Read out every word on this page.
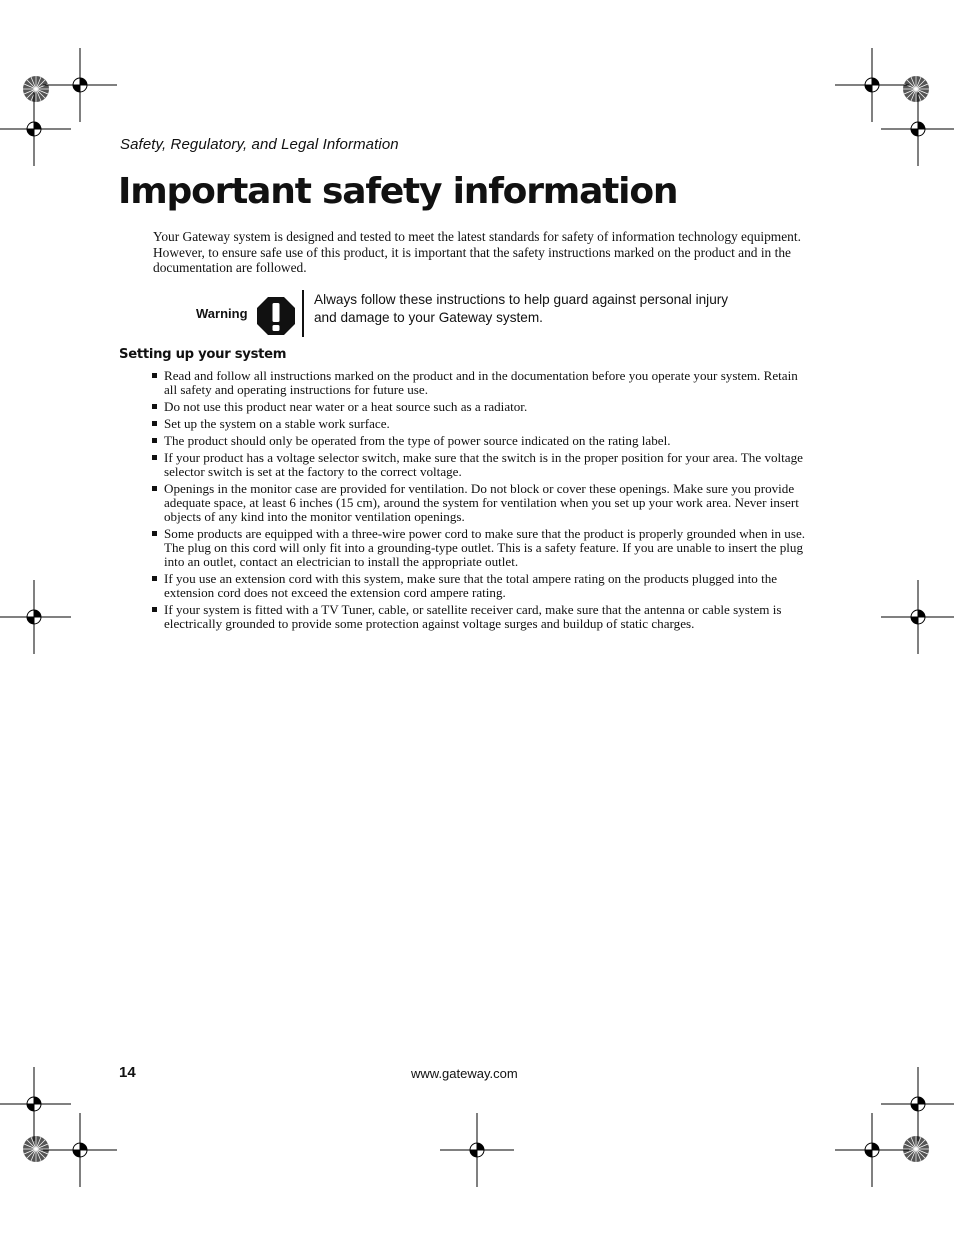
Safety, Regulatory, and Legal Information
Important safety information

Your Gateway system is designed and tested to meet the latest standards for safety of information technology equipment. However, to ensure safe use of this product, it is important that the safety instructions marked on the product and in the documentation are followed.

Warning

Always follow these instructions to help guard against personal injury and damage to your Gateway system.

Setting up your system
Read and follow all instructions marked on the product and in the documentation before you operate your system. Retain all safety and operating instructions for future use.
Do not use this product near water or a heat source such as a radiator.
Set up the system on a stable work surface.
The product should only be operated from the type of power source indicated on the rating label.
If your product has a voltage selector switch, make sure that the switch is in the proper position for your area. The voltage selector switch is set at the factory to the correct voltage.
Openings in the monitor case are provided for ventilation. Do not block or cover these openings. Make sure you provide adequate space, at least 6 inches (15 cm), around the system for ventilation when you set up your work area. Never insert objects of any kind into the monitor ventilation openings.
Some products are equipped with a three-wire power cord to make sure that the product is properly grounded when in use. The plug on this cord will only fit into a grounding-type outlet. This is a safety feature. If you are unable to insert the plug into an outlet, contact an electrician to install the appropriate outlet.
If you use an extension cord with this system, make sure that the total ampere rating on the products plugged into the extension cord does not exceed the extension cord ampere rating.
If your system is fitted with a TV Tuner, cable, or satellite receiver card, make sure that the antenna or cable system is electrically grounded to provide some protection against voltage surges and buildup of static charges.
14	www.gateway.com
